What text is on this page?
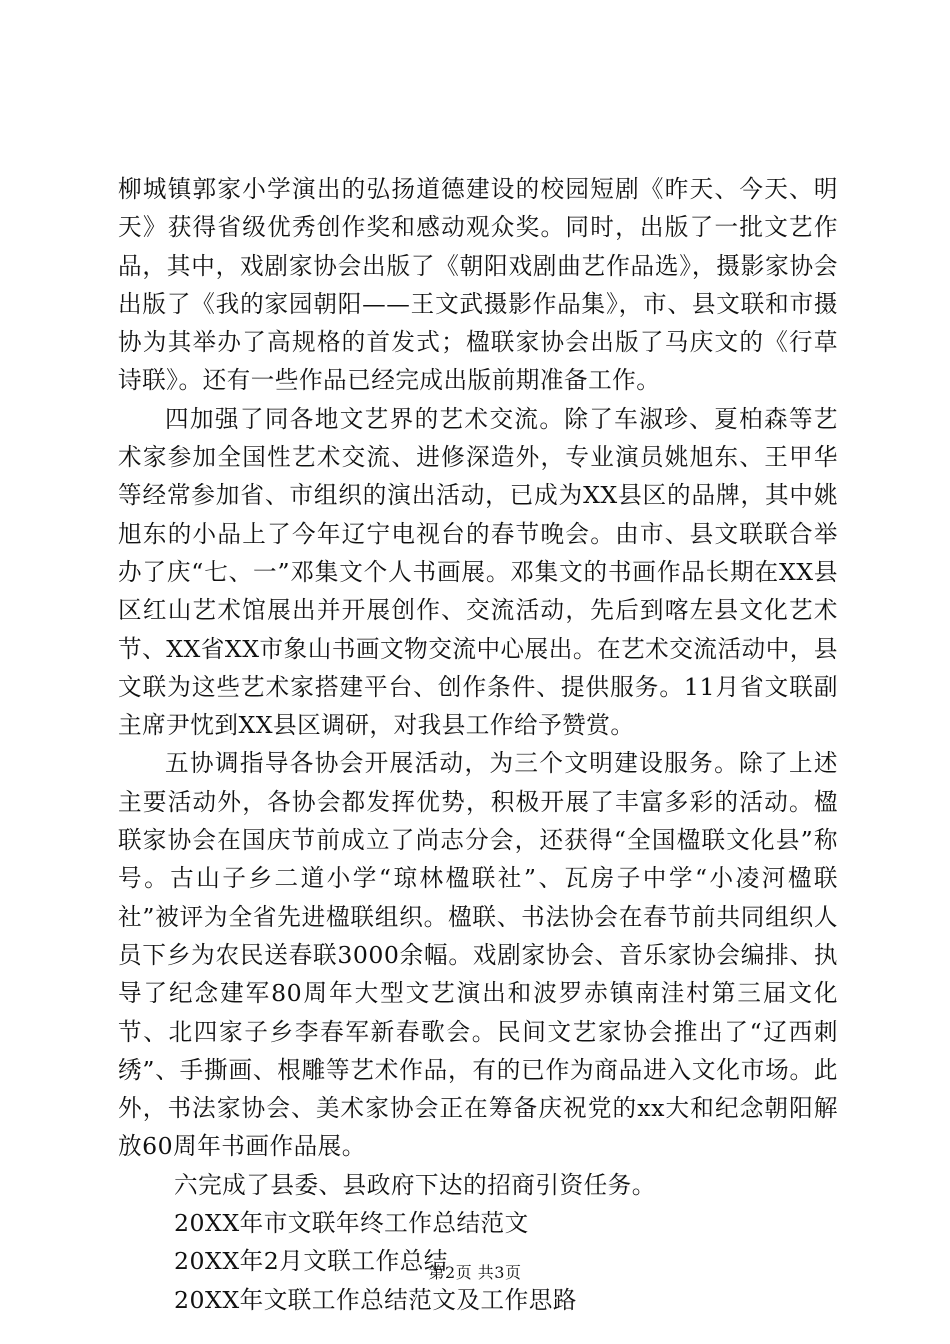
柳城镇郭家小学演出的弘扬道德建设的校园短剧《昨天、今天、明天》获得省级优秀创作奖和感动观众奖。同时，出版了一批文艺作品，其中，戏剧家协会出版了《朝阳戏剧曲艺作品选》，摄影家协会出版了《我的家园朝阳——王文武摄影作品集》，市、县文联和市摄协为其举办了高规格的首发式；楹联家协会出版了马庆文的《行草诗联》。还有一些作品已经完成出版前期准备工作。

四加强了同各地文艺界的艺术交流。除了车淑珍、夏柏森等艺术家参加全国性艺术交流、进修深造外，专业演员姚旭东、王甲华等经常参加省、市组织的演出活动，已成为XX县区的品牌，其中姚旭东的小品上了今年辽宁电视台的春节晚会。由市、县文联联合举办了庆“七、一”邓集文个人书画展。邓集文的书画作品长期在XX县区红山艺术馆展出并开展创作、交流活动，先后到喀左县文化艺术节、XX省XX市象山书画文物交流中心展出。在艺术交流活动中，县文联为这些艺术家搭建平台、创作条件、提供服务。11月省文联副主席尹忱到XX县区调研，对我县工作给予赞赏。

五协调指导各协会开展活动，为三个文明建设服务。除了上述主要活动外，各协会都发挥优势，积极开展了丰富多彩的活动。楹联家协会在国庆节前成立了尚志分会，还获得“全国楹联文化县”称号。古山子乡二道小学“琼林楹联社”、瓦房子中学“小凌河楹联社”被评为全省先进楹联组织。楹联、书法协会在春节前共同组织人员下乡为农民送春联3000余幅。戏剧家协会、音乐家协会编排、执导了纪念建军80周年大型文艺演出和波罗赤镇南洼村第三届文化节、北四家子乡李春军新春歌会。民间文艺家协会推出了“辽西刺绣”、手撕画、根雕等艺术作品，有的已作为商品进入文化市场。此外，书法家协会、美术家协会正在筹备庆祝党的xx大和纪念朝阳解放60周年书画作品展。

六完成了县委、县政府下达的招商引资任务。

20XX年市文联年终工作总结范文

20XX年2月文联工作总结

20XX年文联工作总结范文及工作思路

第2页 共3页
